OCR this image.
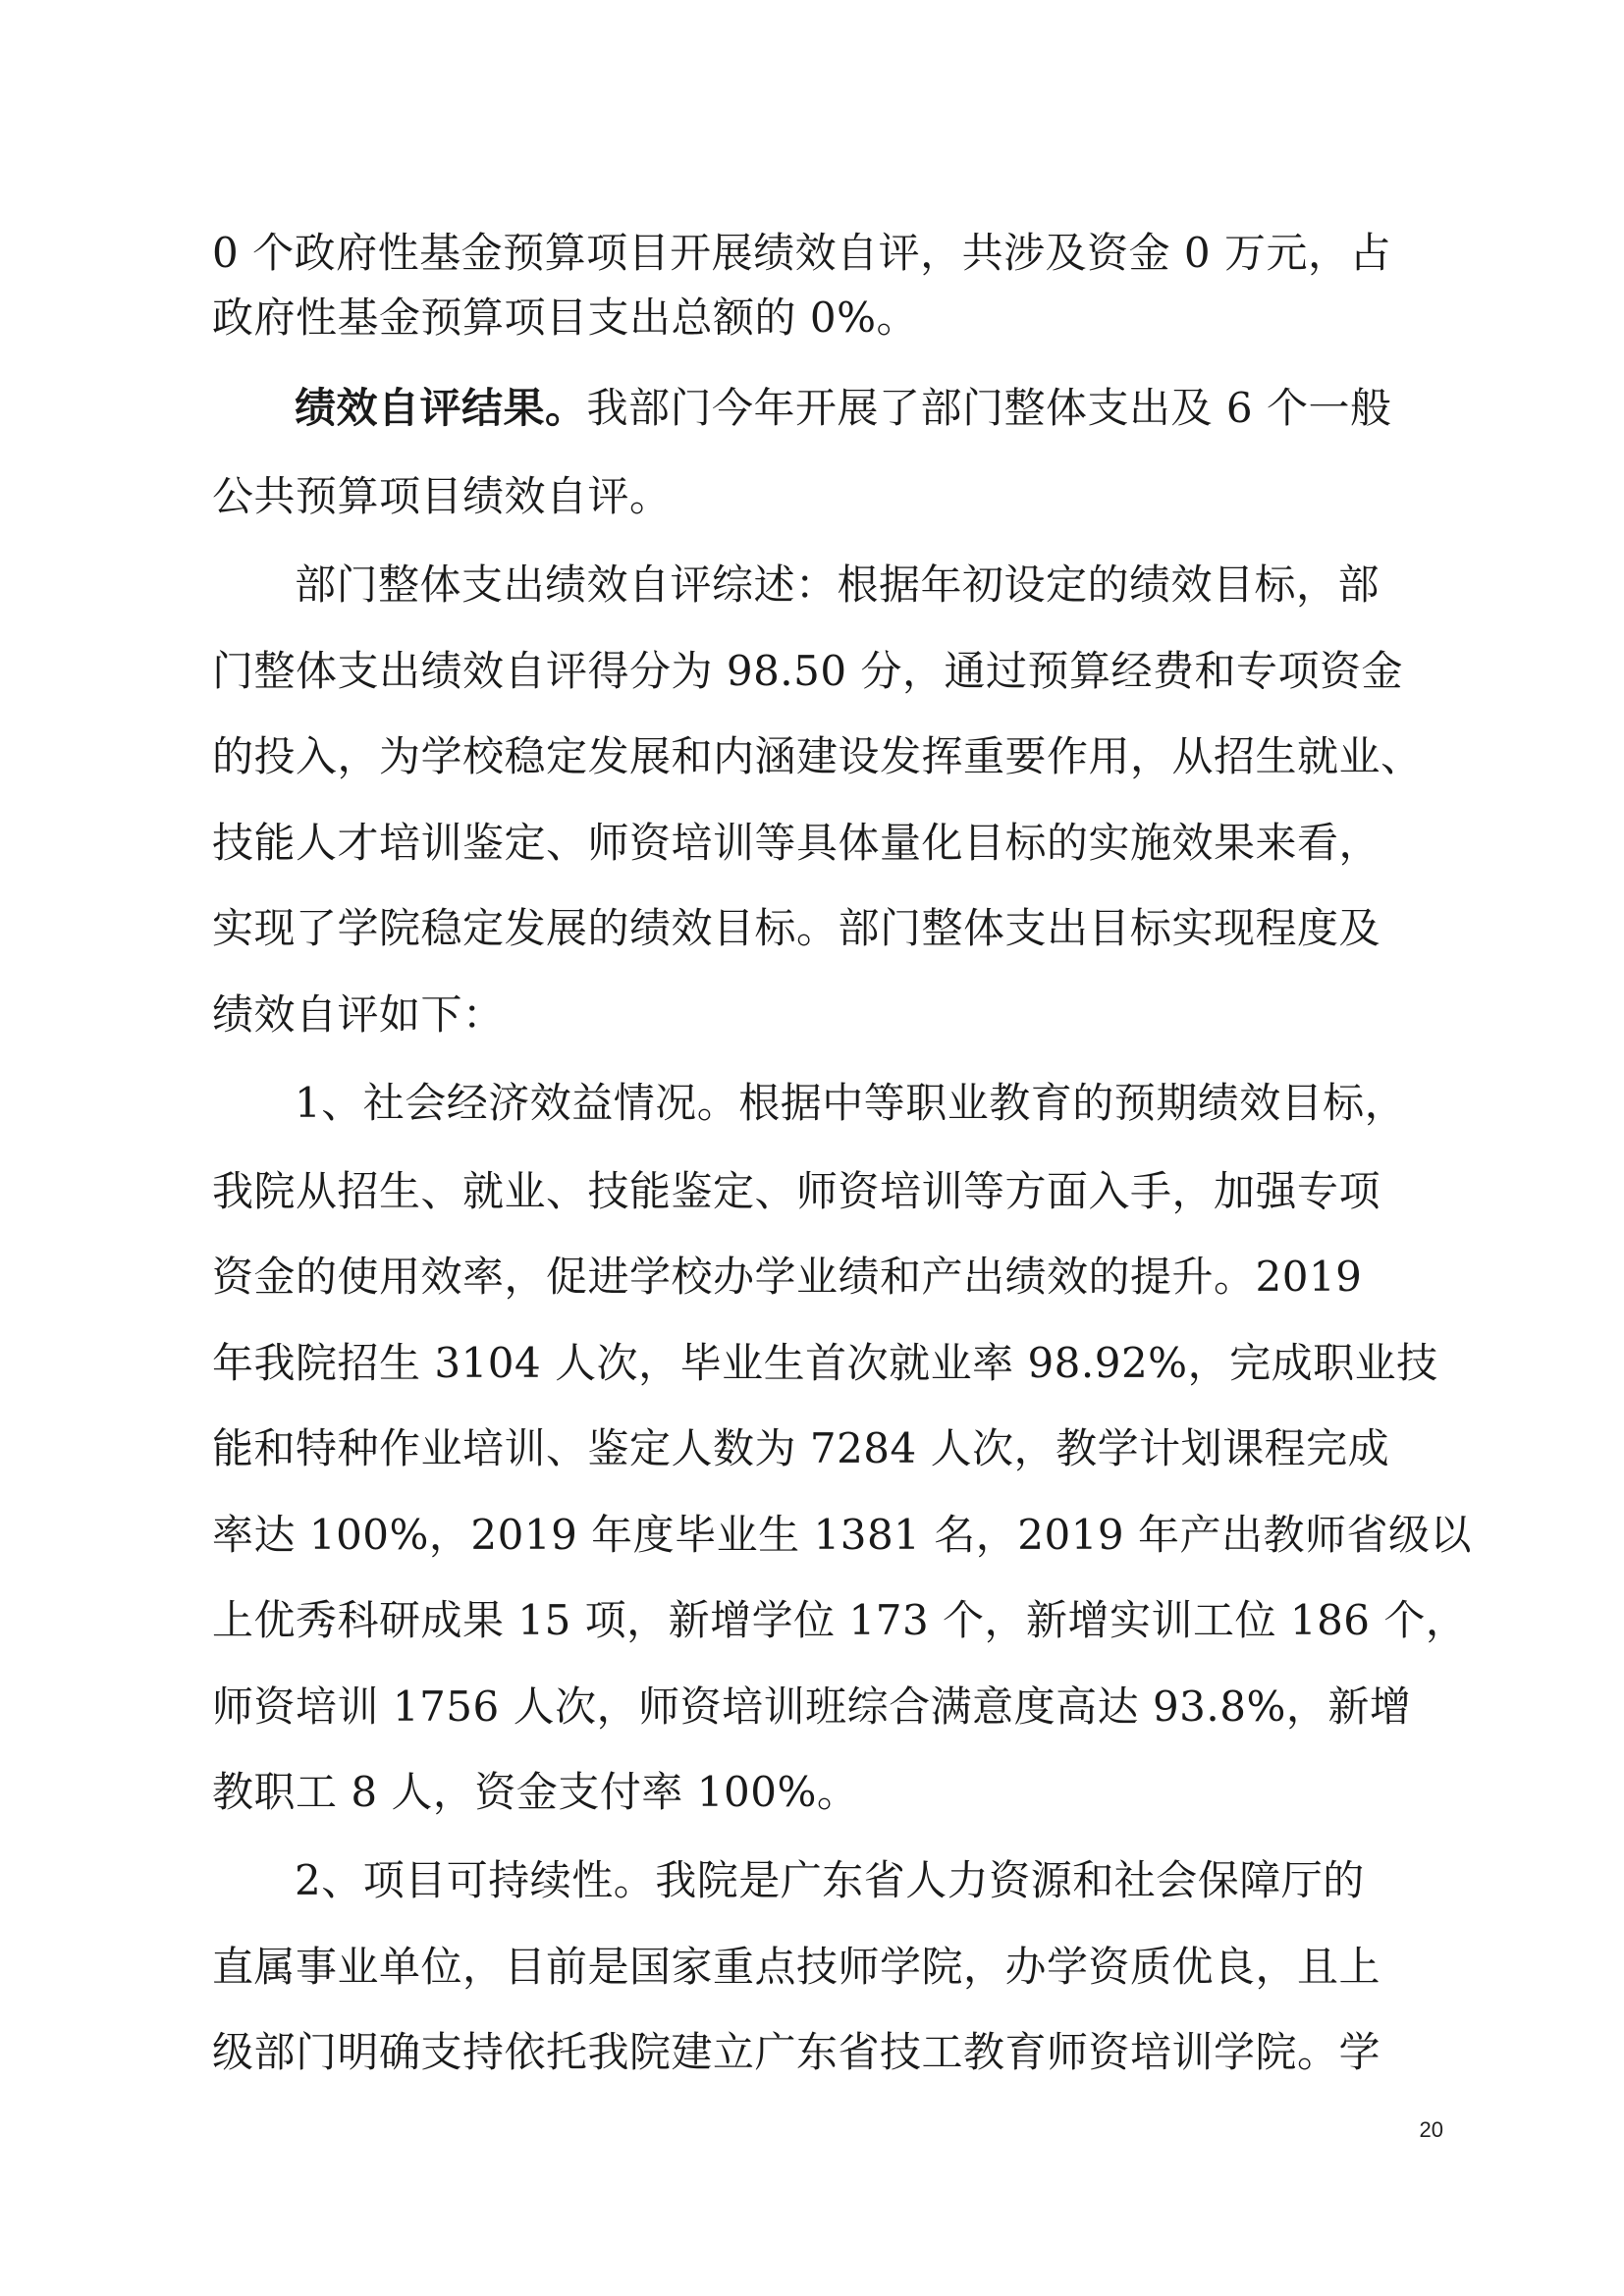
0 个政府性基金预算项目开展绩效自评，共涉及资金 0 万元，占
政府性基金预算项目支出总额的 0%。
绩效自评结果。我部门今年开展了部门整体支出及 6 个一般
公共预算项目绩效自评。
部门整体支出绩效自评综述：根据年初设定的绩效目标，部
门整体支出绩效自评得分为 98.50 分，通过预算经费和专项资金
的投入，为学校稳定发展和内涵建设发挥重要作用，从招生就业、
技能人才培训鉴定、师资培训等具体量化目标的实施效果来看，
实现了学院稳定发展的绩效目标。部门整体支出目标实现程度及
绩效自评如下：
1、社会经济效益情况。根据中等职业教育的预期绩效目标，
我院从招生、就业、技能鉴定、师资培训等方面入手，加强专项
资金的使用效率，促进学校办学业绩和产出绩效的提升。2019
年我院招生 3104 人次，毕业生首次就业率 98.92%，完成职业技
能和特种作业培训、鉴定人数为 7284 人次，教学计划课程完成
率达 100%，2019 年度毕业生 1381 名，2019 年产出教师省级以
上优秀科研成果 15 项，新增学位 173 个，新增实训工位 186 个，
师资培训 1756 人次，师资培训班综合满意度高达 93.8%，新增
教职工 8 人，资金支付率 100%。
2、项目可持续性。我院是广东省人力资源和社会保障厅的
直属事业单位，目前是国家重点技师学院，办学资质优良，且上
级部门明确支持依托我院建立广东省技工教育师资培训学院。学
20
